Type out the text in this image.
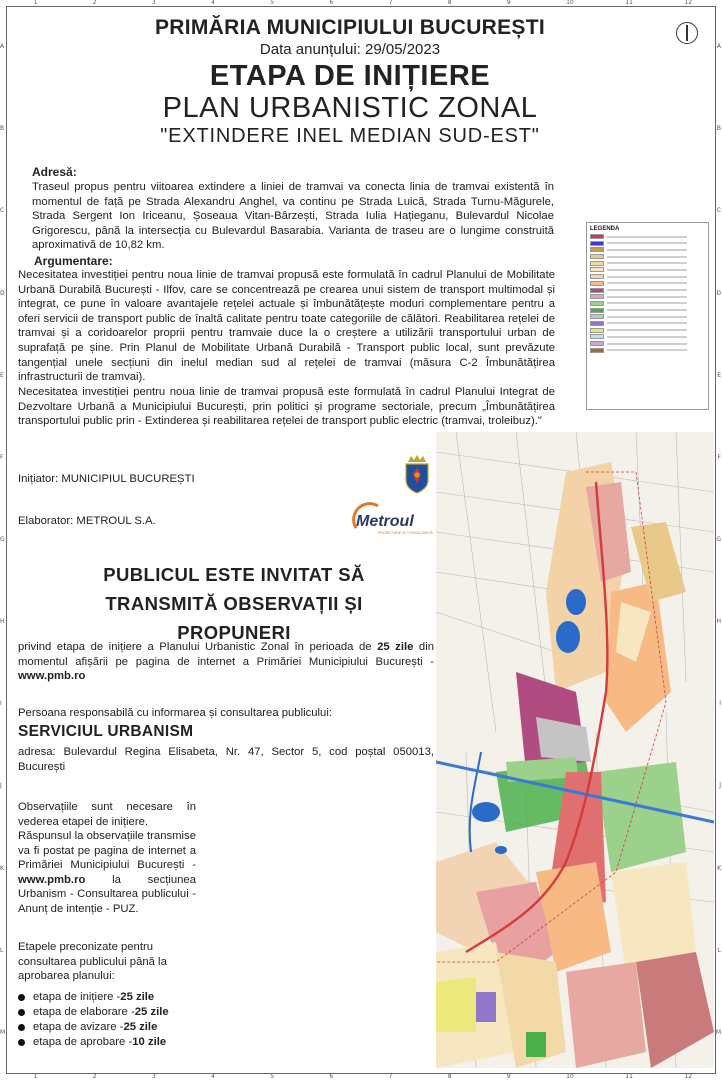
1
1
2
2
3
3
4
4
5
5
6
6
7
7
8
8
9
9
10
10
11
11
12
12
A	A
B	B
C	C
D	D
E	E
F	F
G	G
H	H
I	I
J	J
K	K
L	L
M	M
PRIMĂRIA MUNICIPIULUI BUCUREȘTI
Data anunțului: 29/05/2023
ETAPA DE INIȚIERE
PLAN URBANISTIC ZONAL
"EXTINDERE INEL MEDIAN SUD-EST"
Adresă:
Traseul propus pentru viitoarea extindere a liniei de tramvai va conecta linia de tramvai existentă în momentul de față pe Strada Alexandru Anghel, va continu pe Strada Luică, Strada Turnu-Măgurele, Strada Sergent Ion Iriceanu, Șoseaua Vitan-Bârzești, Strada Iulia Hațieganu, Bulevardul Nicolae Grigorescu, până la intersecția cu Bulevardul Basarabia. Varianta de traseu are o lungime construită aproximativă de 10,82 km.
Argumentare:
Necesitatea investiției pentru noua linie de tramvai propusă este formulată în cadrul Planului de Mobilitate Urbană Durabilă București - Ilfov, care se concentrează pe crearea unui sistem de transport multimodal și integrat, ce pune în valoare avantajele rețelei actuale și îmbunătățește moduri complementare pentru a oferi servicii de transport public de înaltă calitate pentru toate categoriile de călători. Reabilitarea rețelei de tramvai și a coridoarelor proprii pentru tramvaie duce la o creștere a utilizării transportului urban de suprafață pe șine. Prin Planul de Mobilitate Urbană Durabilă - Transport public local, sunt prevăzute tangențial unele secțiuni din inelul median sud al rețelei de tramvai (măsura C-2 Îmbunătățirea infrastructurii de tramvai).
Necesitatea investiției pentru noua linie de tramvai propusă este formulată în cadrul Planului Integrat de Dezvoltare Urbană a Municipiului București, prin politici și programe sectoriale, precum „Îmbunătățirea transportului public prin - Extinderea și reabilitarea rețelei de transport public electric (tramvai, troleibuz)."
LEGENDA
Inițiator: MUNICIPIUL BUCUREȘTI
Elaborator: METROUL S.A.	Metroul
PROIECTARE ȘI CONSULTANȚĂ
PUBLICUL ESTE INVITAT SĂ
TRANSMITĂ OBSERVAȚII ȘI PROPUNERI
privind etapa de inițiere a Planului Urbanistic Zonal în perioada de 25 zile din momentul afișării pe pagina de internet a Primăriei Municipiului București - www.pmb.ro
Persoana responsabilă cu informarea și consultarea publicului:
SERVICIUL URBANISM
adresa: Bulevardul Regina Elisabeta, Nr. 47, Sector 5, cod poștal 050013, București
Observațiile sunt necesare în vederea etapei de inițiere.
Răspunsul la observațiile transmise va fi postat pe pagina de internet a Primăriei Municipiului București - www.pmb.ro la secțiunea Urbanism - Consultarea publicului - Anunț de intenție - PUZ.
Etapele preconizate pentru consultarea publicului până la aprobarea planului:
etapa de inițiere - 25 zile
etapa de elaborare - 25 zile
etapa de avizare - 25 zile
etapa de aprobare - 10 zile
